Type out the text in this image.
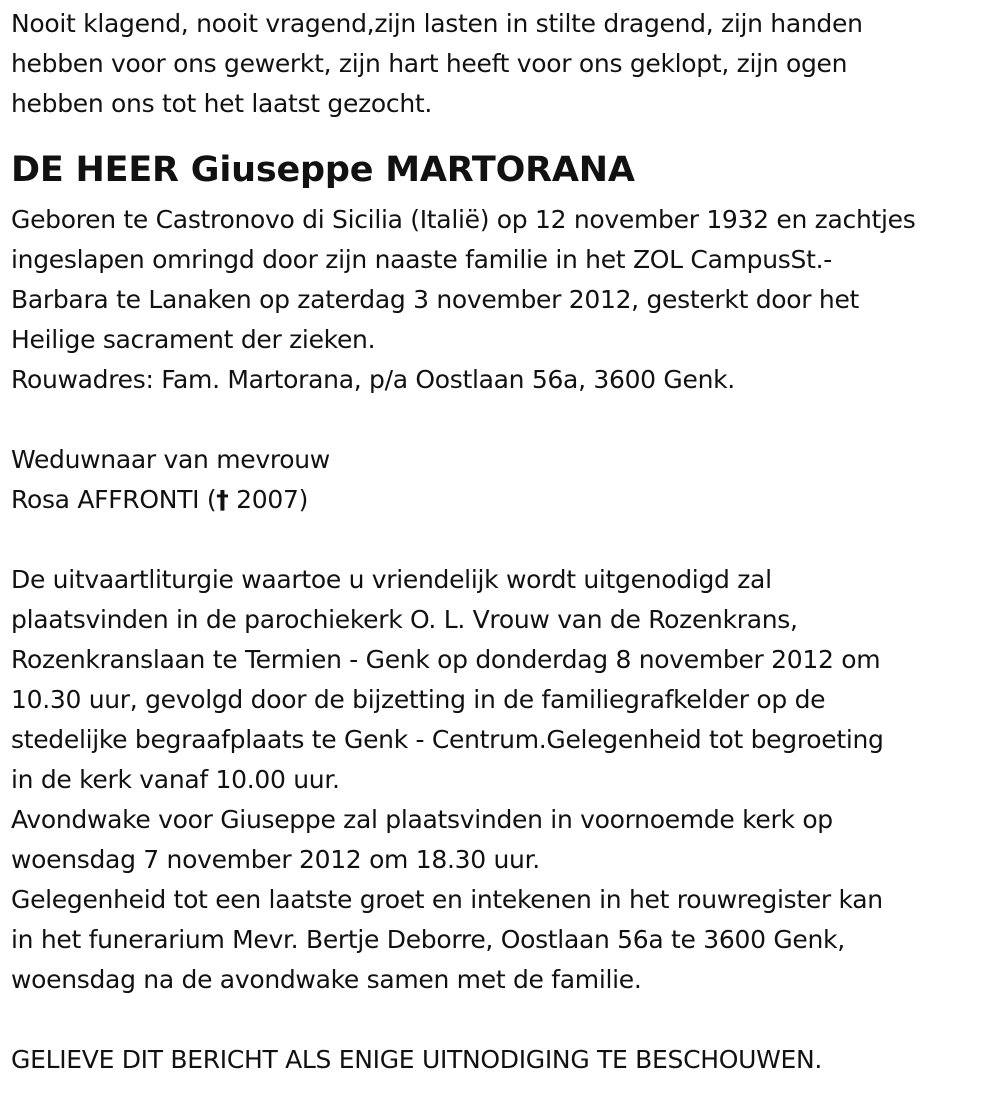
Nooit klagend, nooit vragend,zijn lasten in stilte dragend, zijn handen
hebben voor ons gewerkt, zijn hart heeft voor ons geklopt, zijn ogen
hebben ons tot het laatst gezocht.
DE HEER Giuseppe MARTORANA
Geboren te Castronovo di Sicilia (Italië) op 12 november 1932 en zachtjes
ingeslapen omringd door zijn naaste familie in het ZOL CampusSt.-
Barbara te Lanaken op zaterdag 3 november 2012, gesterkt door het
Heilige sacrament der zieken.
Rouwadres: Fam. Martorana, p/a Oostlaan 56a, 3600 Genk.
Weduwnaar van mevrouw
Rosa AFFRONTI († 2007)
De uitvaartliturgie waartoe u vriendelijk wordt uitgenodigd zal
plaatsvinden in de parochiekerk O. L. Vrouw van de Rozenkrans,
Rozenkranslaan te Termien - Genk op donderdag 8 november 2012 om
10.30 uur, gevolgd door de bijzetting in de familiegrafkelder op de
stedelijke begraafplaats te Genk - Centrum.Gelegenheid tot begroeting
in de kerk vanaf 10.00 uur.
Avondwake voor Giuseppe zal plaatsvinden in voornoemde kerk op
woensdag 7 november 2012 om 18.30 uur.
Gelegenheid tot een laatste groet en intekenen in het rouwregister kan
in het funerarium Mevr. Bertje Deborre, Oostlaan 56a te 3600 Genk,
woensdag na de avondwake samen met de familie.
GELIEVE DIT BERICHT ALS ENIGE UITNODIGING TE BESCHOUWEN.
